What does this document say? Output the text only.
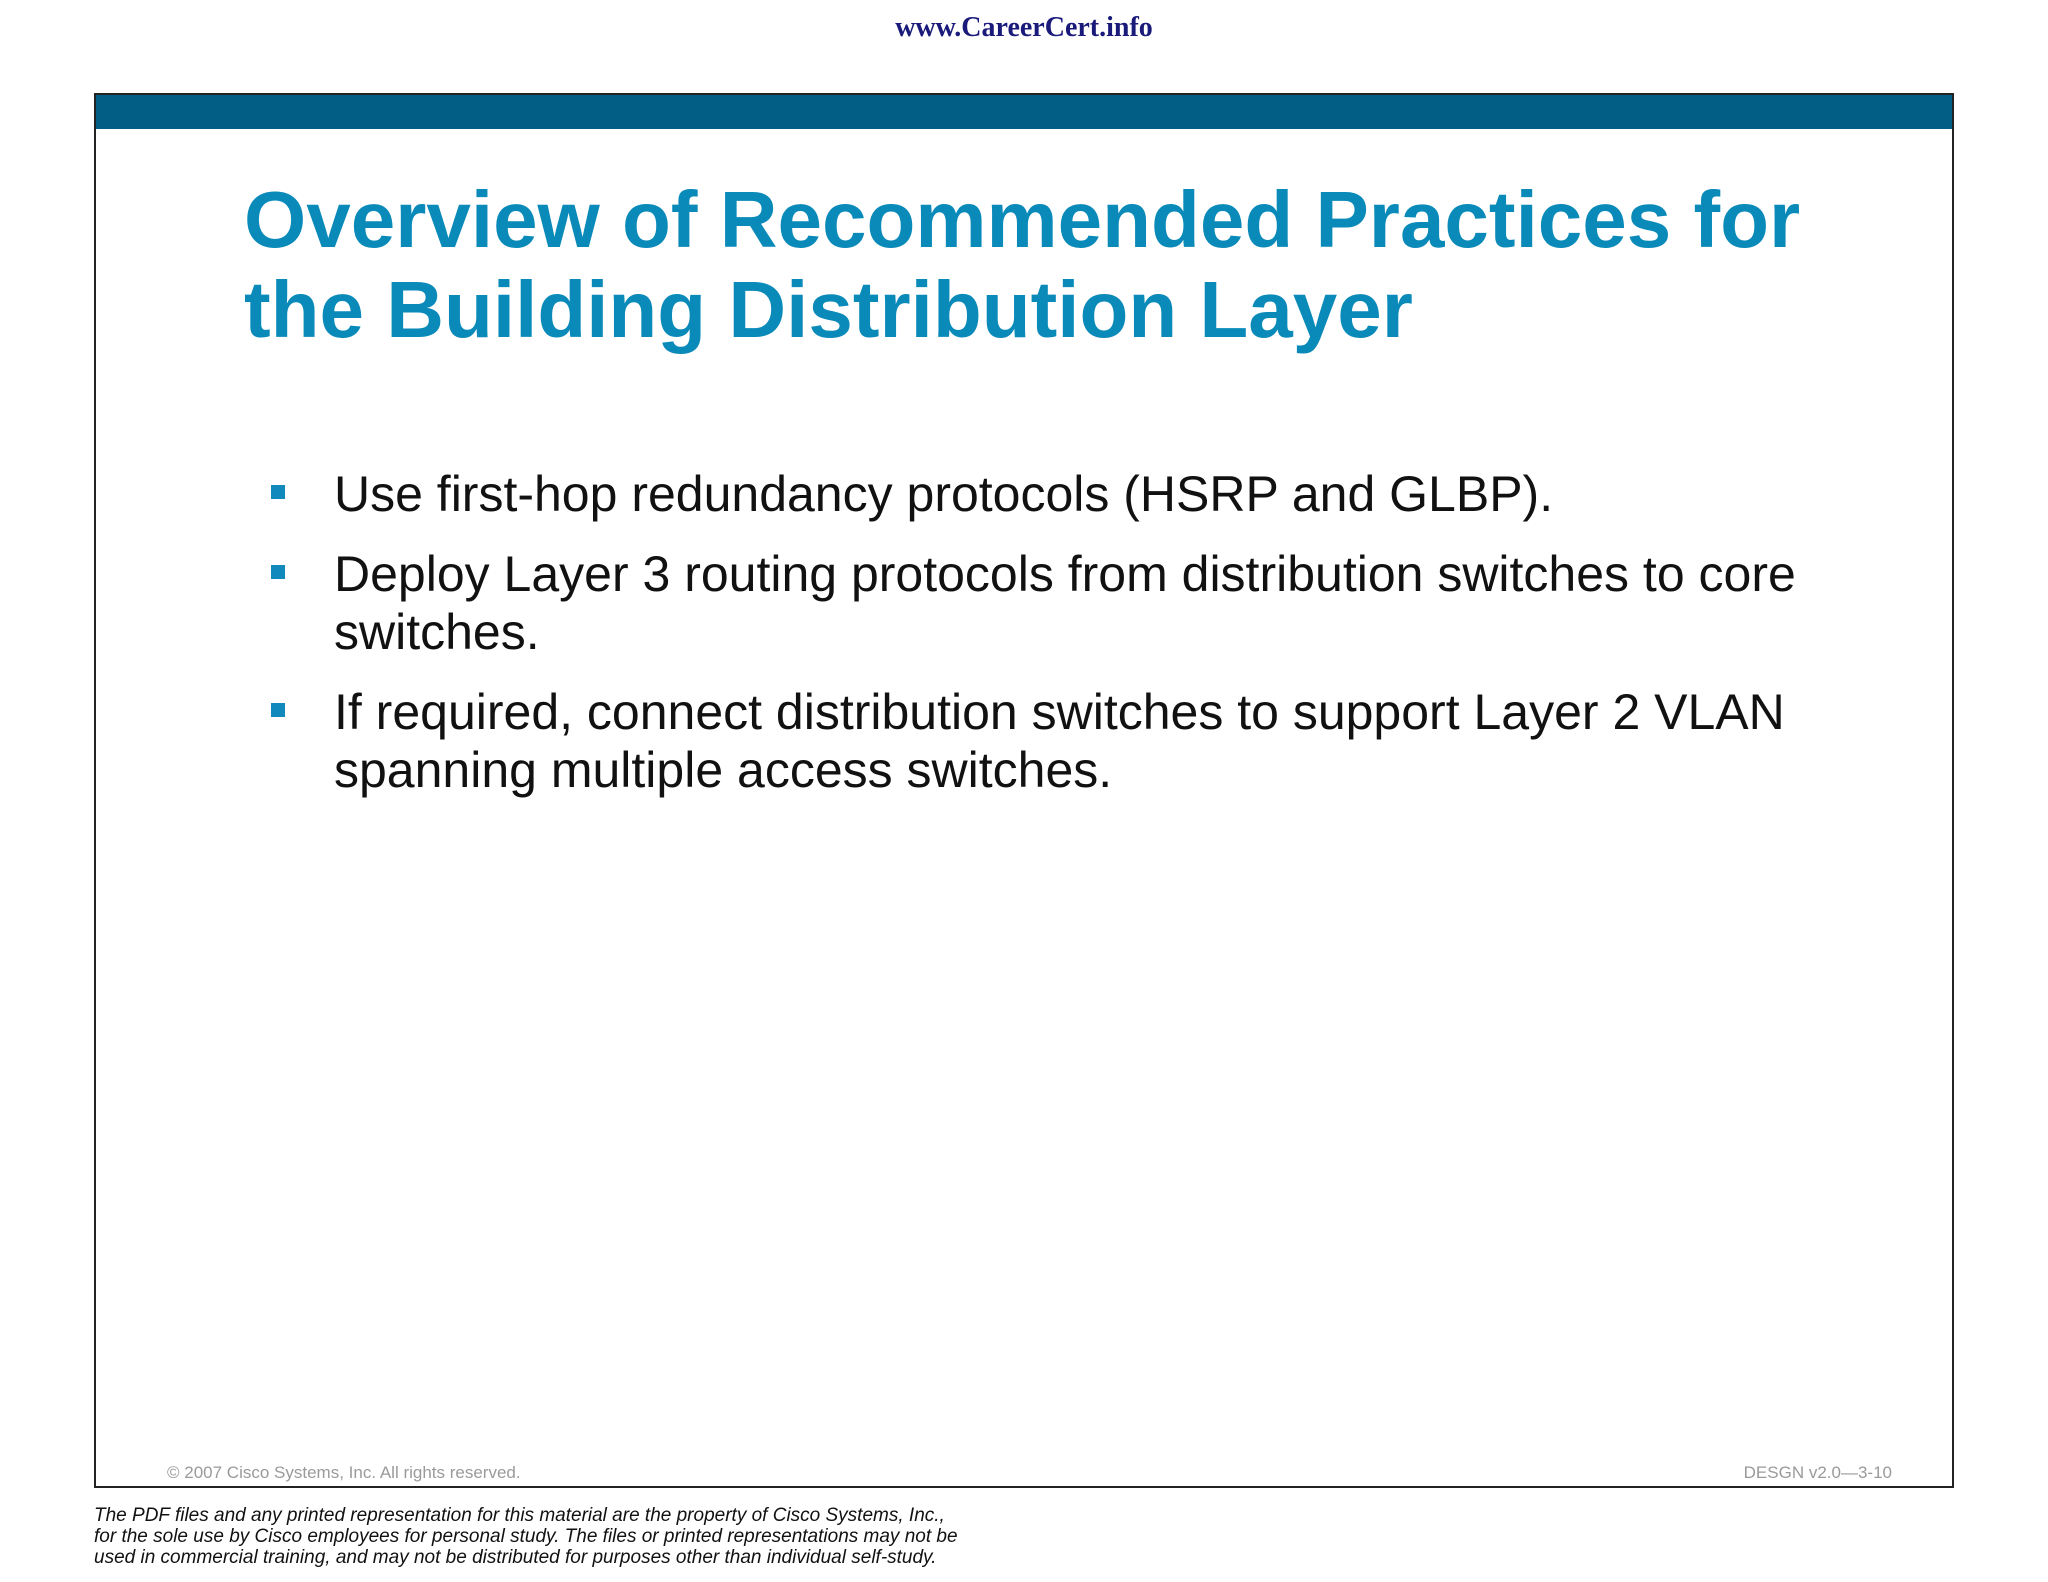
www.CareerCert.info
Overview of Recommended Practices for
the Building Distribution Layer
Use first-hop redundancy protocols (HSRP and GLBP).
Deploy Layer 3 routing protocols from distribution switches to core switches.
If required, connect distribution switches to support Layer 2 VLAN spanning multiple access switches.
© 2007 Cisco Systems, Inc. All rights reserved.	DESGN v2.0—3-10
The PDF files and any printed representation for this material are the property of Cisco Systems, Inc.,
for the sole use by Cisco employees for personal study. The files or printed representations may not be
used in commercial training, and may not be distributed for purposes other than individual self-study.
